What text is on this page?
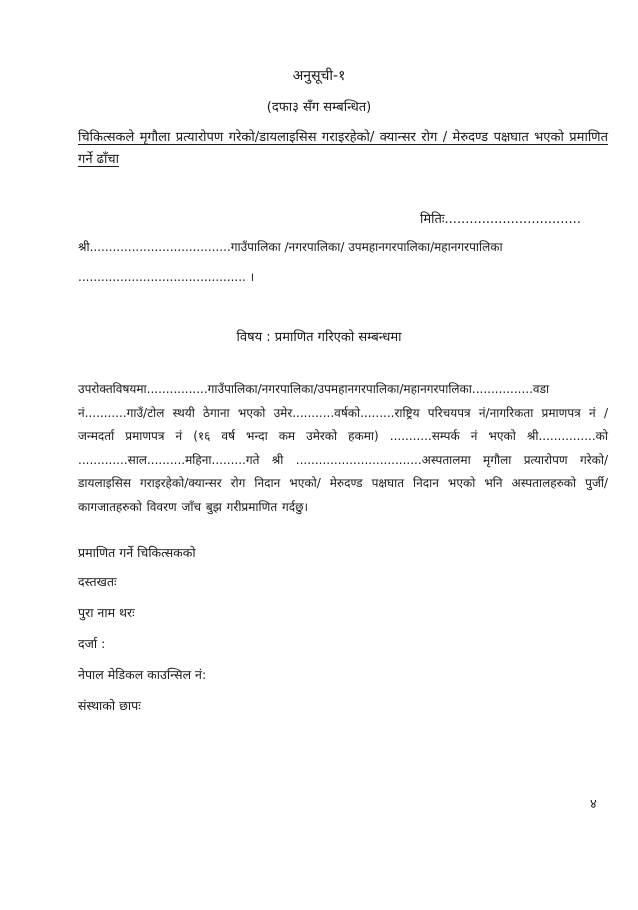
अनुसूची-१
(दफा३ सँग सम्बन्धित)
चिकित्सकले मृगौला प्रत्यारोपण गरेको/डायलाइसिस गराइरहेको/ क्यान्सर रोग / मेरुदण्ड पक्षघात भएको प्रमाणित गर्ने ढाँचा
मितिः.................................
श्री.....................................गाउँपालिका /नगरपालिका/ उपमहानगरपालिका/महानगरपालिका
............................................ ।
विषय : प्रमाणित गरिएको सम्बन्धमा
उपरोक्तविषयमा................गाउँपालिका/नगरपालिका/उपमहानगरपालिका/महानगरपालिका................वडा नं...........गाउँ/टोल स्थयी ठेगाना भएको उमेर...........वर्षको.........राष्ट्रिय परिचयपत्र नं/नागरिकता प्रमाणपत्र नं / जन्मदर्ता प्रमाणपत्र नं (१६ वर्ष भन्दा कम उमेरको हकमा) ...........सम्पर्क नं भएको श्री...............को .............साल..........महिना.........गते श्री .................................अस्पतालमा मृगौला प्रत्यारोपण गरेको/डायलाइसिस गराइरहेको/क्यान्सर रोग निदान भएको/ मेरुदण्ड पक्षघात निदान भएको भनि अस्पतालहरुको पुर्जी/ कागजातहरुको विवरण जाँच बुझ गरीप्रमाणित गर्दछु।
प्रमाणित गर्ने चिकित्सकको
दस्तखतः
पुरा नाम थरः
दर्जा :
नेपाल मेडिकल काउन्सिल नं:
संस्थाको छापः
४
